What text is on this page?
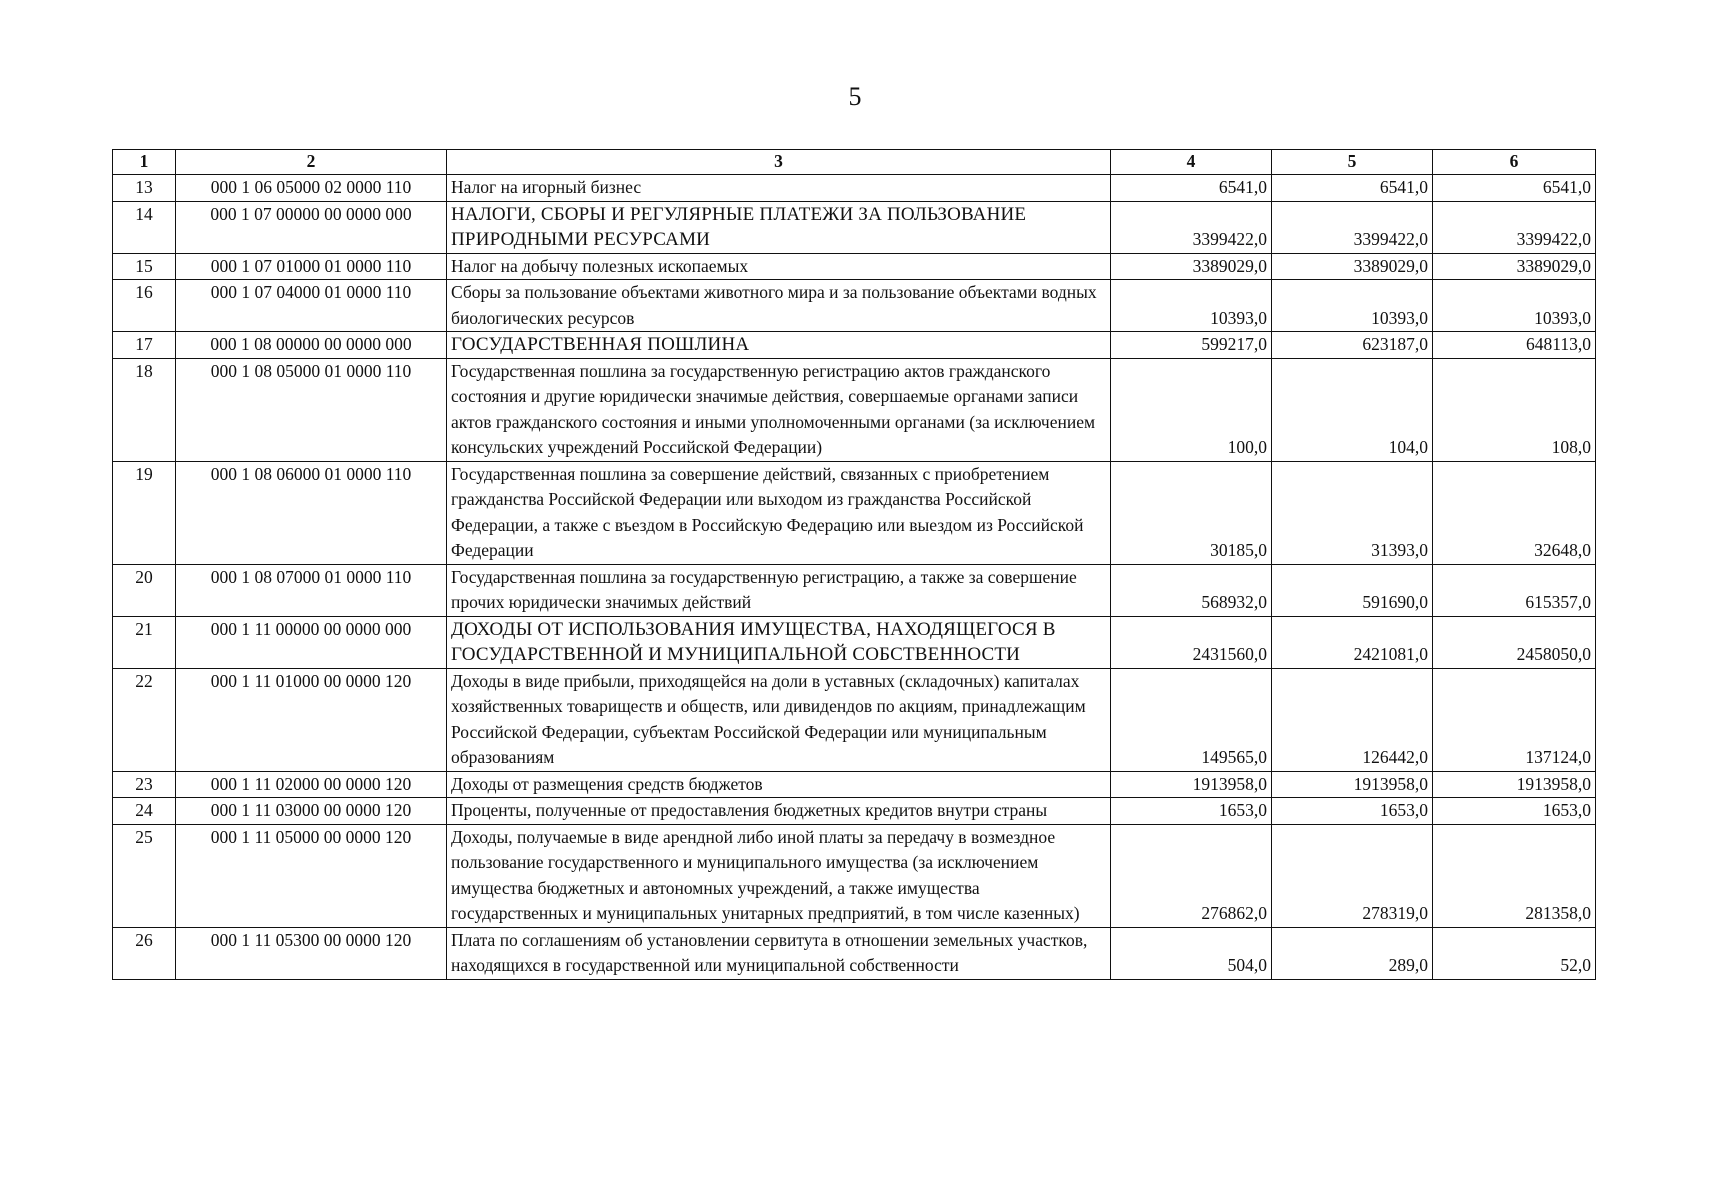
5
1	2	3	4	5	6
13	000 1 06 05000 02 0000 110	Налог на игорный бизнес	6541,0	6541,0	6541,0
14	000 1 07 00000 00 0000 000	НАЛОГИ, СБОРЫ И РЕГУЛЯРНЫЕ ПЛАТЕЖИ ЗА ПОЛЬЗОВАНИЕ ПРИРОДНЫМИ РЕСУРСАМИ	3399422,0	3399422,0	3399422,0
15	000 1 07 01000 01 0000 110	Налог на добычу полезных ископаемых	3389029,0	3389029,0	3389029,0
16	000 1 07 04000 01 0000 110	Сборы за пользование объектами животного мира и за пользование объектами водных биологических ресурсов	10393,0	10393,0	10393,0
17	000 1 08 00000 00 0000 000	ГОСУДАРСТВЕННАЯ ПОШЛИНА	599217,0	623187,0	648113,0
18	000 1 08 05000 01 0000 110	Государственная пошлина за государственную регистрацию актов гражданского состояния и другие юридически значимые действия, совершаемые органами записи актов гражданского состояния и иными уполномоченными органами (за исключением консульских учреждений Российской Федерации)	100,0	104,0	108,0
19	000 1 08 06000 01 0000 110	Государственная пошлина за совершение действий, связанных с приобретением гражданства Российской Федерации или выходом из гражданства Российской Федерации, а также с въездом в Российскую Федерацию или выездом из Российской Федерации	30185,0	31393,0	32648,0
20	000 1 08 07000 01 0000 110	Государственная пошлина за государственную регистрацию, а также за совершение прочих юридически значимых действий	568932,0	591690,0	615357,0
21	000 1 11 00000 00 0000 000	ДОХОДЫ ОТ ИСПОЛЬЗОВАНИЯ ИМУЩЕСТВА, НАХОДЯЩЕГОСЯ В ГОСУДАРСТВЕННОЙ И МУНИЦИПАЛЬНОЙ СОБСТВЕННОСТИ	2431560,0	2421081,0	2458050,0
22	000 1 11 01000 00 0000 120	Доходы в виде прибыли, приходящейся на доли в уставных (складочных) капиталах хозяйственных товариществ и обществ, или дивидендов по акциям, принадлежащим Российской Федерации, субъектам Российской Федерации или муниципальным образованиям	149565,0	126442,0	137124,0
23	000 1 11 02000 00 0000 120	Доходы от размещения средств бюджетов	1913958,0	1913958,0	1913958,0
24	000 1 11 03000 00 0000 120	Проценты, полученные от предоставления бюджетных кредитов внутри страны	1653,0	1653,0	1653,0
25	000 1 11 05000 00 0000 120	Доходы, получаемые в виде арендной либо иной платы за передачу в возмездное пользование государственного и муниципального имущества (за исключением имущества бюджетных и автономных учреждений, а также имущества государственных и муниципальных унитарных предприятий, в том числе казенных)	276862,0	278319,0	281358,0
26	000 1 11 05300 00 0000 120	Плата по соглашениям об установлении сервитута в отношении земельных участков, находящихся в государственной или муниципальной собственности	504,0	289,0	52,0
